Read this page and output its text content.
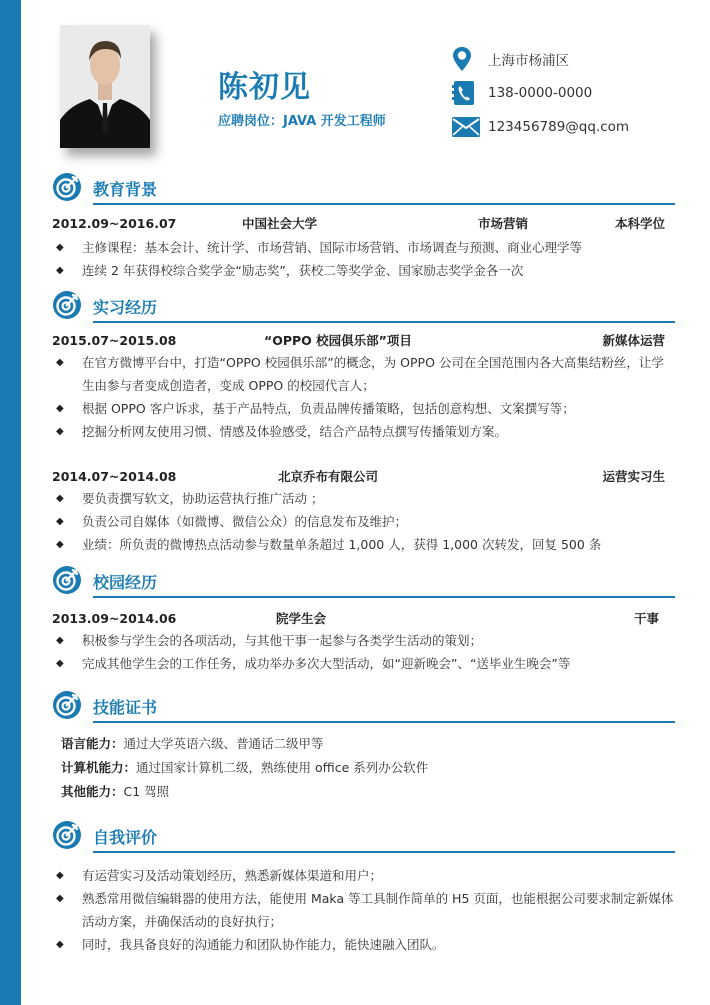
陈初见
应聘岗位：JAVA 开发工程师
上海市杨浦区
138-0000-0000
123456789@qq.com
教育背景
2012.09~2016.07	中国社会大学	市场营销	本科学位
◆ 主修课程：基本会计、统计学、市场营销、国际市场营销、市场调查与预测、商业心理学等
◆ 连续 2 年获得校综合奖学金“励志奖”，获校二等奖学金、国家励志奖学金各一次
实习经历
2015.07~2015.08	“OPPO 校园俱乐部”项目	新媒体运营
◆ 在官方微博平台中，打造“OPPO 校园俱乐部”的概念，为 OPPO 公司在全国范围内各大高集结粉丝，让学生由参与者变成创造者，变成 OPPO 的校园代言人；
◆ 根据 OPPO 客户诉求，基于产品特点，负责品牌传播策略，包括创意构想、文案撰写等；
◆ 挖掘分析网友使用习惯、情感及体验感受，结合产品特点撰写传播策划方案。
2014.07~2014.08	北京乔布有限公司	运营实习生
◆ 要负责撰写软文，协助运营执行推广活动 ；
◆ 负责公司自媒体（如微博、微信公众）的信息发布及维护；
◆ 业绩：所负责的微博热点活动参与数量单条超过 1,000 人，获得 1,000 次转发，回复 500 条
校园经历
2013.09~2014.06	院学生会	干事
◆ 积极参与学生会的各项活动，与其他干事一起参与各类学生活动的策划；
◆ 完成其他学生会的工作任务，成功举办多次大型活动，如“迎新晚会”、“送毕业生晚会”等
技能证书
语言能力：通过大学英语六级、普通话二级甲等
计算机能力：通过国家计算机二级，熟练使用 office 系列办公软件
其他能力：C1 驾照
自我评价
◆ 有运营实习及活动策划经历，熟悉新媒体渠道和用户；
◆ 熟悉常用微信编辑器的使用方法，能使用 Maka 等工具制作简单的 H5 页面，也能根据公司要求制定新媒体活动方案，并确保活动的良好执行；
◆ 同时，我具备良好的沟通能力和团队协作能力，能快速融入团队。
